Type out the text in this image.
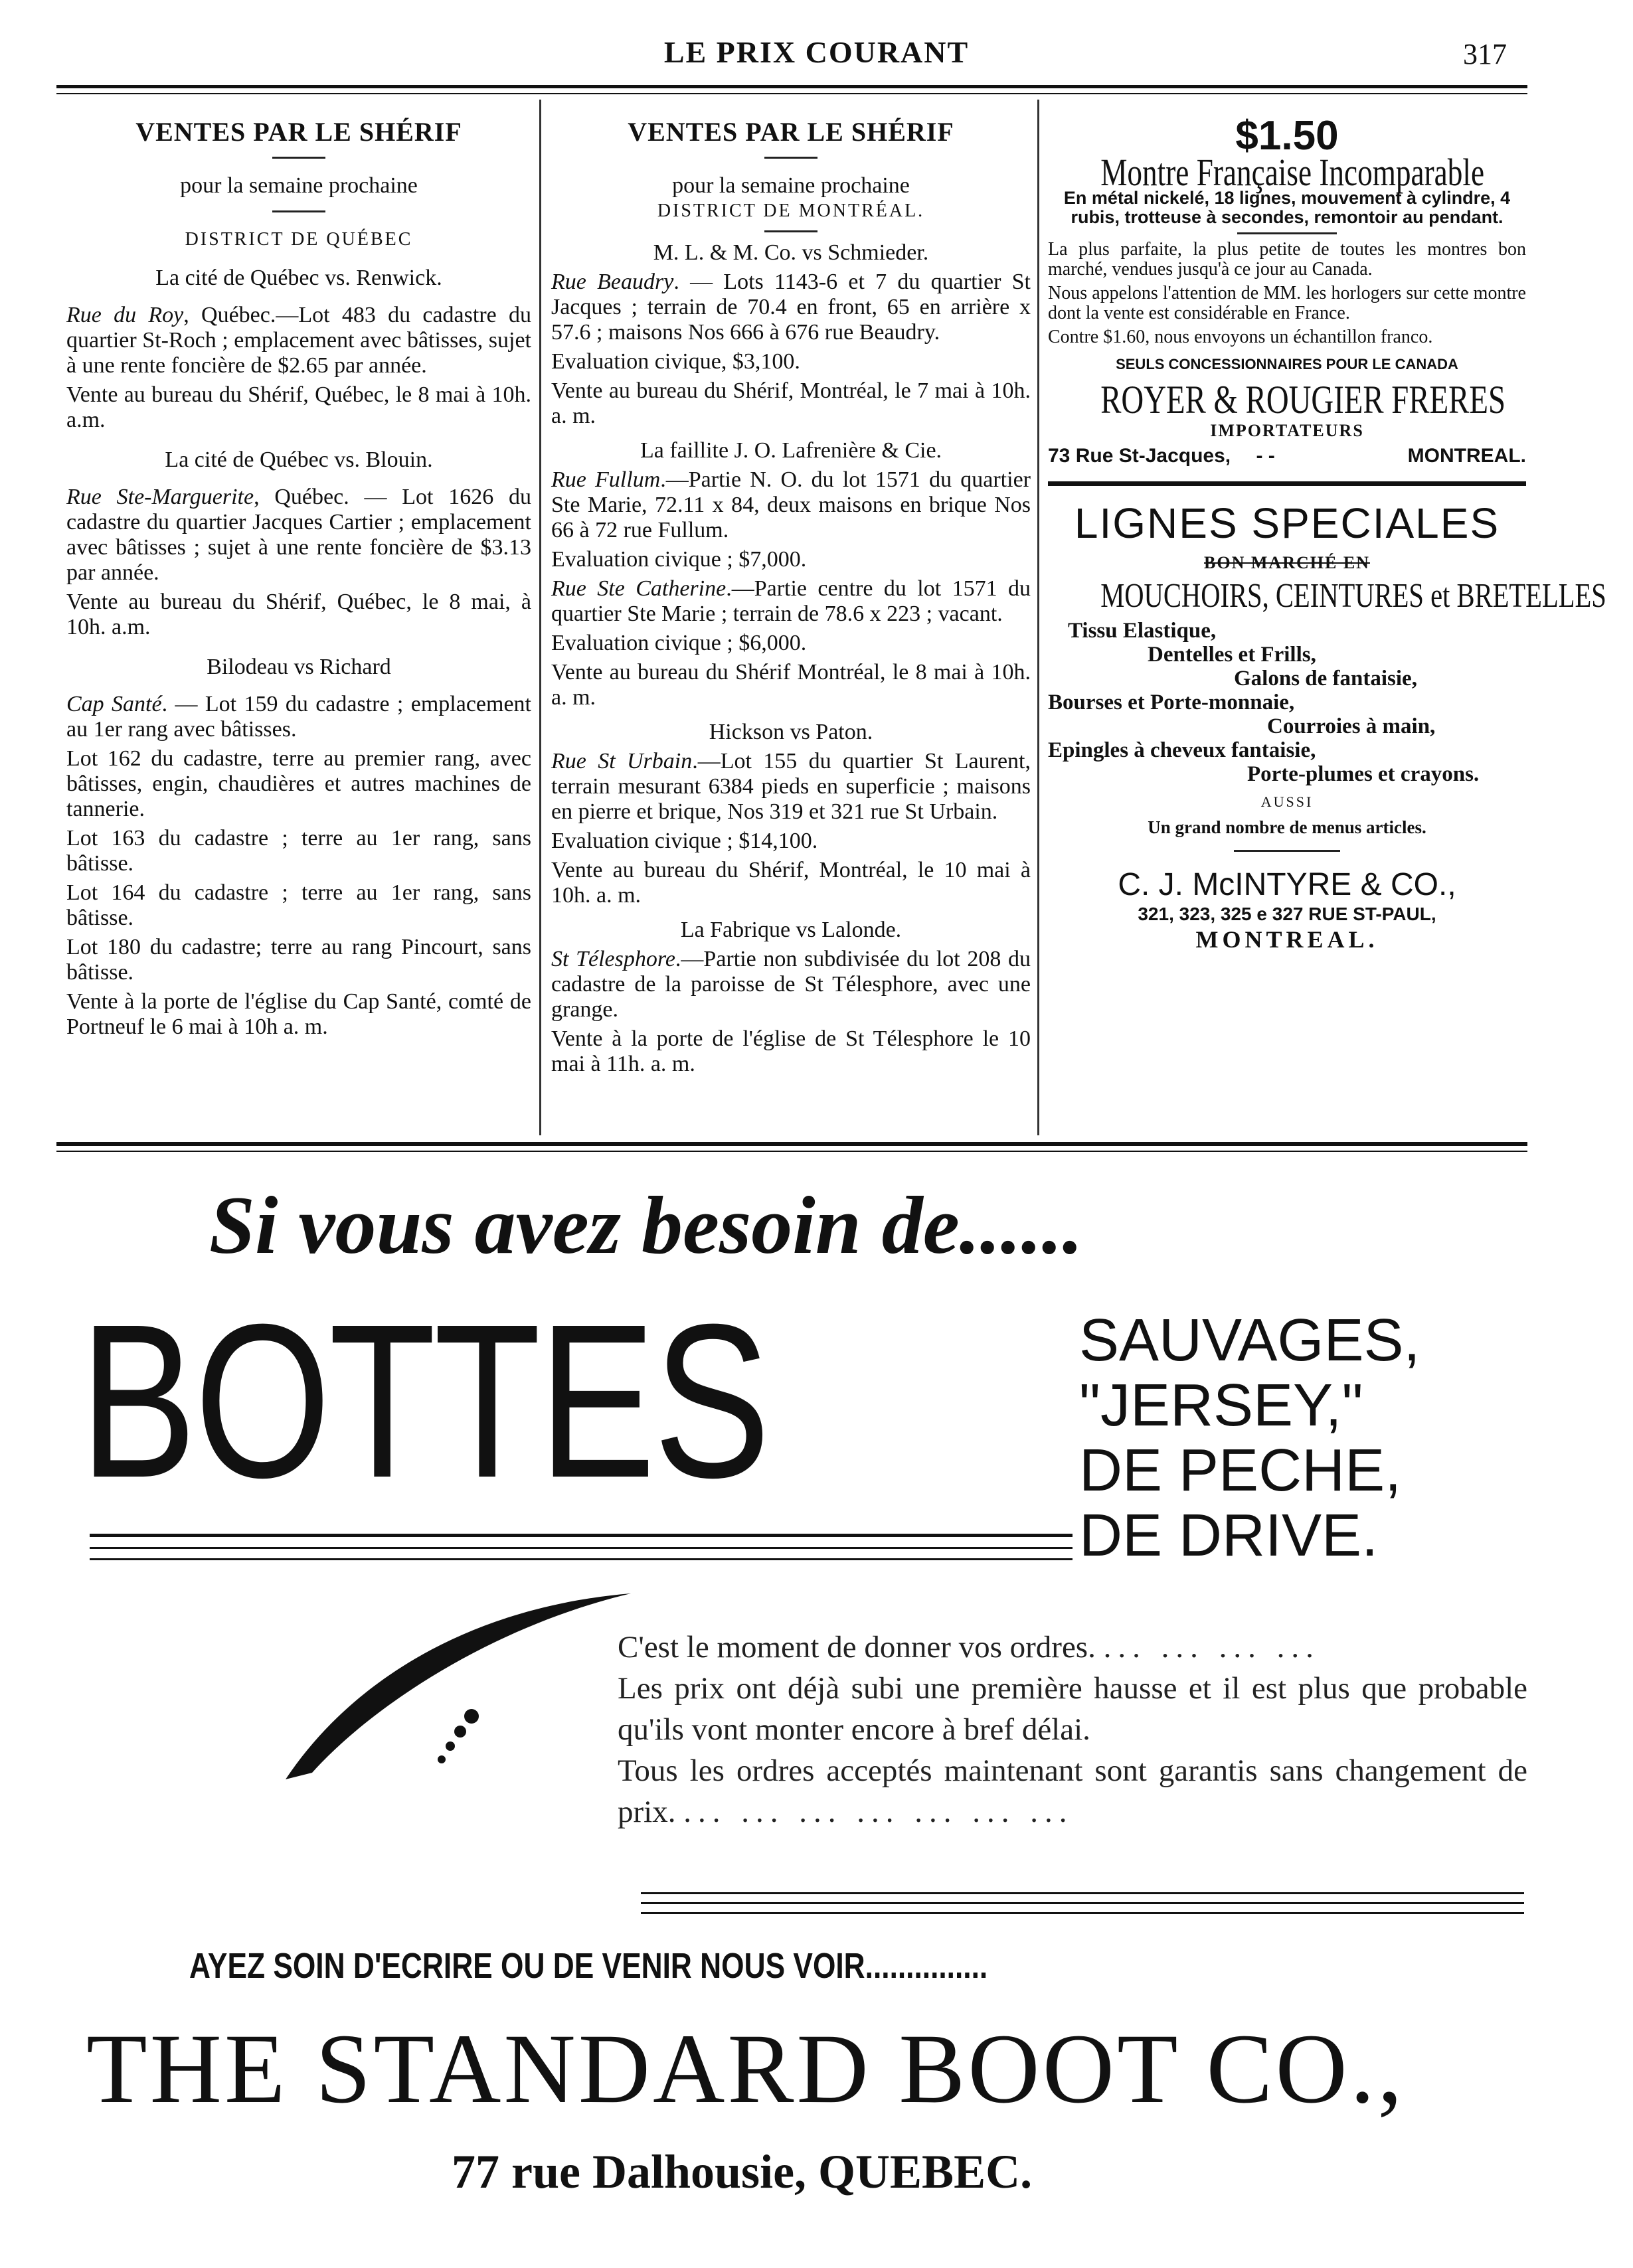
LE PRIX COURANT	317
VENTES PAR LE SHÉRIF

pour la semaine prochaine

DISTRICT DE QUÉBEC

La cité de Québec vs. Renwick.

Rue du Roy, Québec.—Lot 483 du cadastre du quartier St-Roch ; emplacement avec bâtisses, sujet à une rente foncière de $2.65 par année.

Vente au bureau du Shérif, Québec, le 8 mai à 10h. a.m.

La cité de Québec vs. Blouin.

Rue Ste-Marguerite, Québec. — Lot 1626 du cadastre du quartier Jacques Cartier ; emplacement avec bâtisses ; sujet à une rente foncière de $3.13 par année.

Vente au bureau du Shérif, Québec, le 8 mai, à 10h. a.m.

Bilodeau vs Richard

Cap Santé. — Lot 159 du cadastre ; emplacement au 1er rang avec bâtisses.

Lot 162 du cadastre, terre au premier rang, avec bâtisses, engin, chaudières et autres machines de tannerie.

Lot 163 du cadastre ; terre au 1er rang, sans bâtisse.

Lot 164 du cadastre ; terre au 1er rang, sans bâtisse.

Lot 180 du cadastre; terre au rang Pincourt, sans bâtisse.

Vente à la porte de l'église du Cap Santé, comté de Portneuf le 6 mai à 10h a. m.

VENTES PAR LE SHÉRIF

pour la semaine prochaine

DISTRICT DE MONTRÉAL.

M. L. & M. Co. vs Schmieder.

Rue Beaudry. — Lots 1143-6 et 7 du quartier St Jacques ; terrain de 70.4 en front, 65 en arrière x 57.6 ; maisons Nos 666 à 676 rue Beaudry.

Evaluation civique, $3,100.

Vente au bureau du Shérif, Montréal, le 7 mai à 10h. a. m.

La faillite J. O. Lafrenière & Cie.

Rue Fullum.—Partie N. O. du lot 1571 du quartier Ste Marie, 72.11 x 84, deux maisons en brique Nos 66 à 72 rue Fullum.

Evaluation civique ; $7,000.

Rue Ste Catherine.—Partie centre du lot 1571 du quartier Ste Marie ; terrain de 78.6 x 223 ; vacant.

Evaluation civique ; $6,000.

Vente au bureau du Shérif Montréal, le 8 mai à 10h. a. m.

Hickson vs Paton.

Rue St Urbain.—Lot 155 du quartier St Laurent, terrain mesurant 6384 pieds en superficie ; maisons en pierre et brique, Nos 319 et 321 rue St Urbain.

Evaluation civique ; $14,100.

Vente au bureau du Shérif, Montréal, le 10 mai à 10h. a. m.

La Fabrique vs Lalonde.

St Télesphore.—Partie non subdivisée du lot 208 du cadastre de la paroisse de St Télesphore, avec une grange.

Vente à la porte de l'église de St Télesphore le 10 mai à 11h. a. m.

$1.50
Montre Française Incomparable

En métal nickelé, 18 lignes, mouvement à cylindre, 4 rubis, trotteuse à secondes, remontoir au pendant.

La plus parfaite, la plus petite de toutes les montres bon marché, vendues jusqu'à ce jour au Canada.

Nous appelons l'attention de MM. les horlogers sur cette montre dont la vente est considérable en France.

Contre $1.60, nous envoyons un échantillon franco.

SEULS CONCESSIONNAIRES POUR LE CANADA

ROYER & ROUGIER FRERES

IMPORTATEURS

73 Rue St-Jacques, - -	MONTREAL.

LIGNES SPECIALES

BON MARCHÉ EN

MOUCHOIRS, CEINTURES et BRETELLES
Tissu Elastique,
Dentelles et Frills,
Galons de fantaisie,
Bourses et Porte-monnaie,
Courroies à main,
Epingles à cheveux fantaisie,
Porte-plumes et crayons.

AUSSI

Un grand nombre de menus articles.

C. J. McINTYRE & CO.,

321, 323, 325 e 327 RUE ST-PAUL,

MONTREAL.

Si vous avez besoin de......
BOTTES	SAUVAGES,
"JERSEY,"
DE PECHE,
DE DRIVE.
C'est le moment de donner vos ordres. ... ... ... ...
Les prix ont déjà subi une première hausse et il est plus que probable qu'ils vont monter encore à bref délai.
Tous les ordres acceptés maintenant sont garantis sans changement de prix. ... ... ... ... ... ... ...
AYEZ SOIN D'ECRIRE OU DE VENIR NOUS VOIR...............
THE STANDARD BOOT CO.,
77 rue Dalhousie, QUEBEC.
